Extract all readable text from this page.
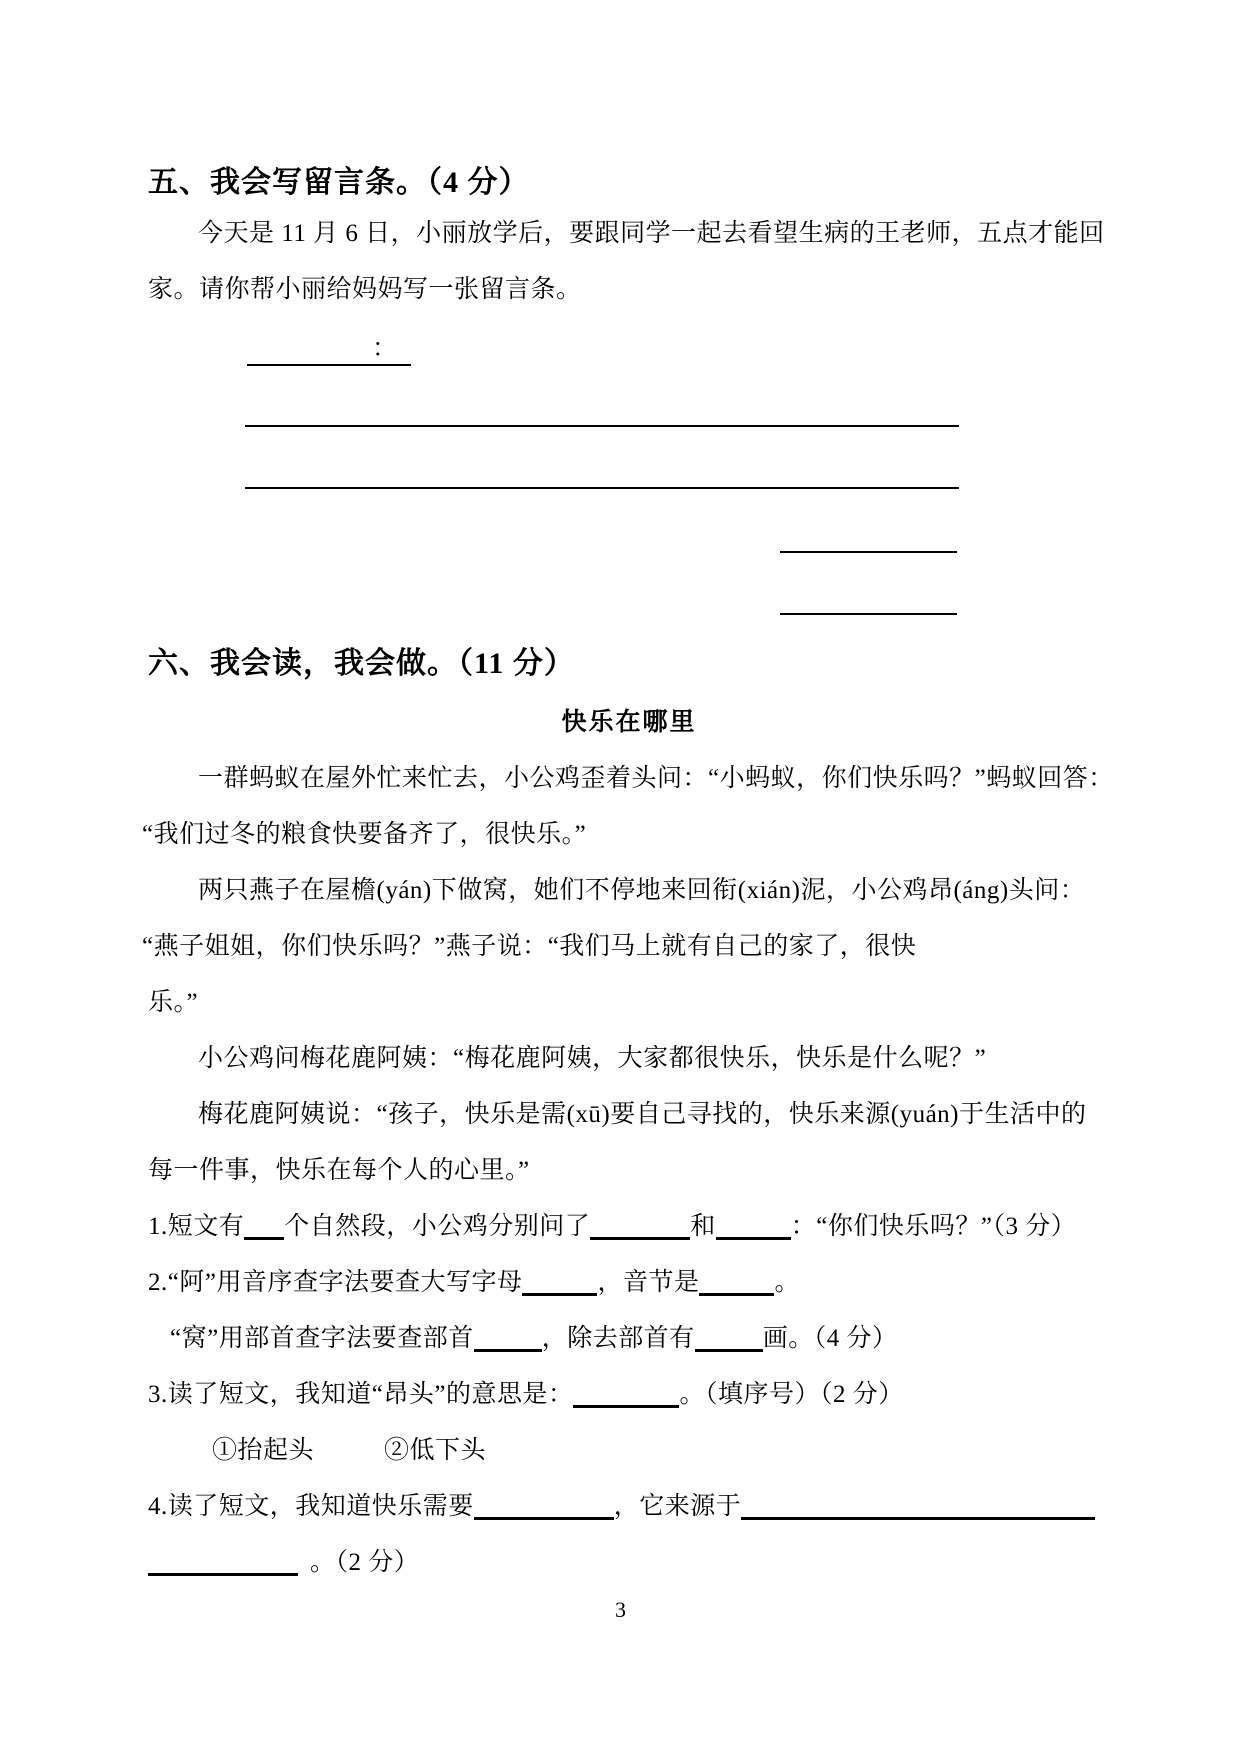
五、我会写留言条。（4 分）
今天是 11 月 6 日，小丽放学后，要跟同学一起去看望生病的王老师，五点才能回
家。请你帮小丽给妈妈写一张留言条。
：
六、我会读，我会做。（11 分）
快乐在哪里
一群蚂蚁在屋外忙来忙去，小公鸡歪着头问：“小蚂蚁，你们快乐吗？”蚂蚁回答：
“我们过冬的粮食快要备齐了，很快乐。”
两只燕子在屋檐(yán)下做窝，她们不停地来回衔(xián)泥，小公鸡昂(áng)头问：
“燕子姐姐，你们快乐吗？”燕子说：“我们马上就有自己的家了，很快
乐。”
小公鸡问梅花鹿阿姨：“梅花鹿阿姨，大家都很快乐，快乐是什么呢？”
梅花鹿阿姨说：“孩子，快乐是需(xū)要自己寻找的，快乐来源(yuán)于生活中的
每一件事，快乐在每个人的心里。”
1.短文有 个自然段，小公鸡分别问了	和	：“你们快乐吗？”（3 分）
2.“阿”用音序查字法要查大写字母	，音节是	。
“窝”用部首查字法要查部首	，除去部首有	画。（4 分）
3.读了短文，我知道“昂头”的意思是：	。（填序号）（2 分）
①抬起头	②低下头
4.读了短文，我知道快乐需要	，它来源于
。（2 分）
3
